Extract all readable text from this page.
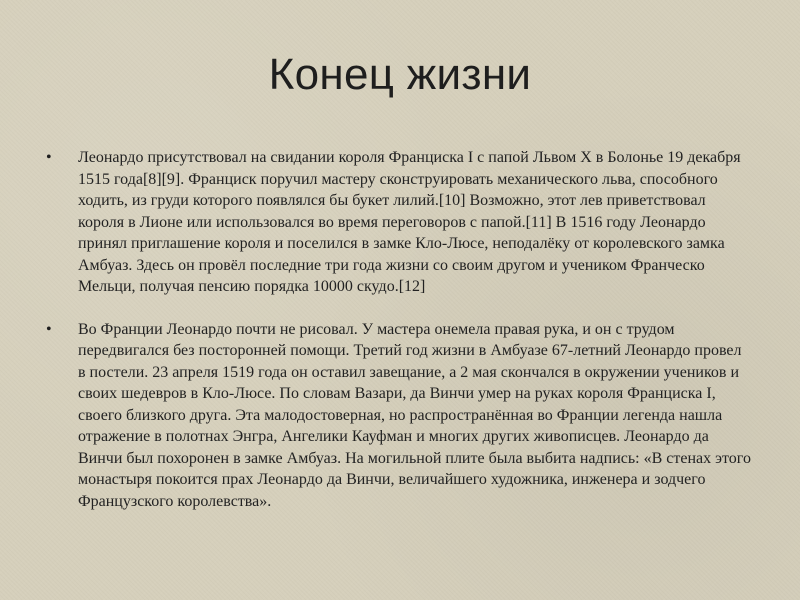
Конец жизни
•	Леонардо присутствовал на свидании короля Франциска I с папой Львом X в Болонье 19 декабря 1515 года[8][9]. Франциск поручил мастеру сконструировать механического льва, способного ходить, из груди которого появлялся бы букет лилий.[10] Возможно, этот лев приветствовал короля в Лионе или использовался во время переговоров с папой.[11] В 1516 году Леонардо принял приглашение короля и поселился в замке Кло-Люсе, неподалёку от королевского замка Амбуаз. Здесь он провёл последние три года жизни со своим другом и учеником Франческо Мельци, получая пенсию порядка 10000 скудо.[12]
•	Во Франции Леонардо почти не рисовал. У мастера онемела правая рука, и он с трудом передвигался без посторонней помощи. Третий год жизни в Амбуазе 67-летний Леонардо провел в постели. 23 апреля 1519 года он оставил завещание, а 2 мая скончался в окружении учеников и своих шедевров в Кло-Люсе. По словам Вазари, да Винчи умер на руках короля Франциска I, своего близкого друга. Эта малодостоверная, но распространённая во Франции легенда нашла отражение в полотнах Энгра, Ангелики Кауфман и многих других живописцев. Леонардо да Винчи был похоронен в замке Амбуаз. На могильной плите была выбита надпись: «В стенах этого монастыря покоится прах Леонардо да Винчи, величайшего художника, инженера и зодчего Французского королевства».
